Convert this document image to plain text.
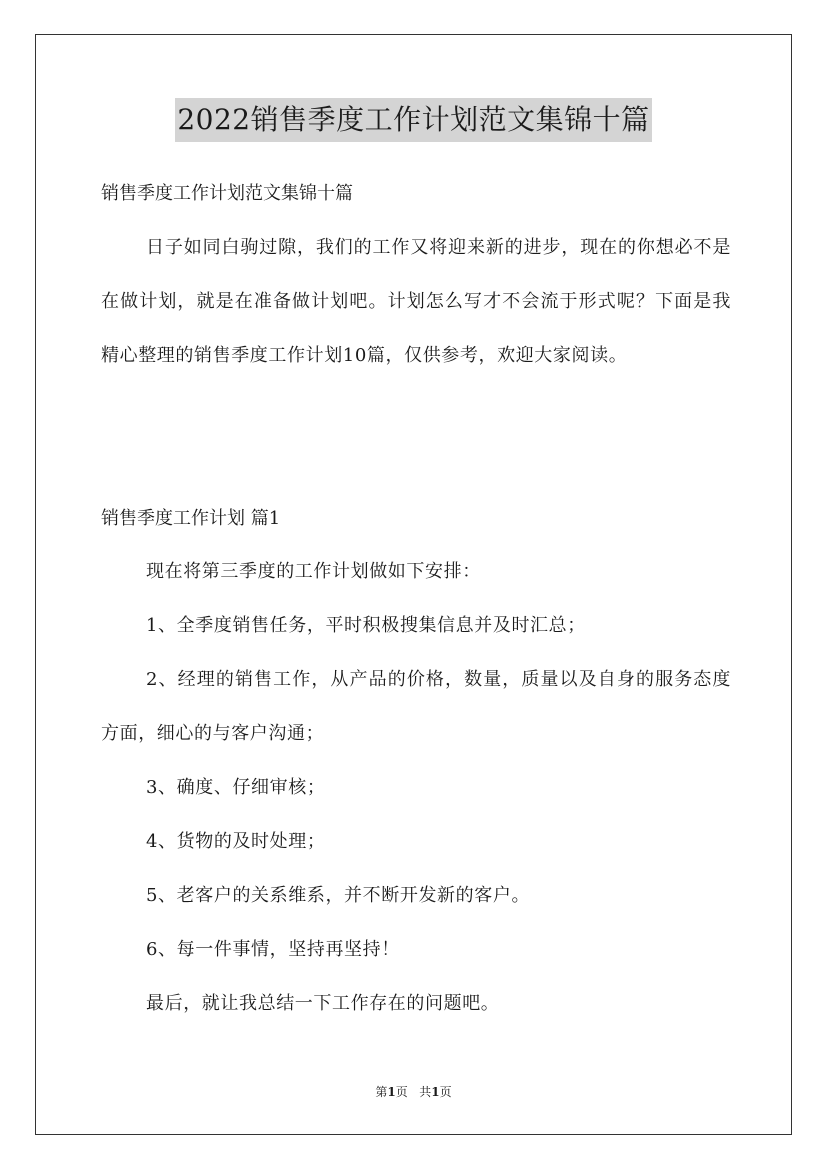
2022销售季度工作计划范文集锦十篇
销售季度工作计划范文集锦十篇
日子如同白驹过隙，我们的工作又将迎来新的进步，现在的你想必不是在做计划，就是在准备做计划吧。计划怎么写才不会流于形式呢？下面是我精心整理的销售季度工作计划10篇，仅供参考，欢迎大家阅读。
销售季度工作计划 篇1
现在将第三季度的工作计划做如下安排：
1、全季度销售任务，平时积极搜集信息并及时汇总；
2、经理的销售工作，从产品的价格，数量，质量以及自身的服务态度方面，细心的与客户沟通；
3、确度、仔细审核；
4、货物的及时处理；
5、老客户的关系维系，并不断开发新的客户。
6、每一件事情，坚持再坚持！
最后，就让我总结一下工作存在的问题吧。
第1页 共1页
